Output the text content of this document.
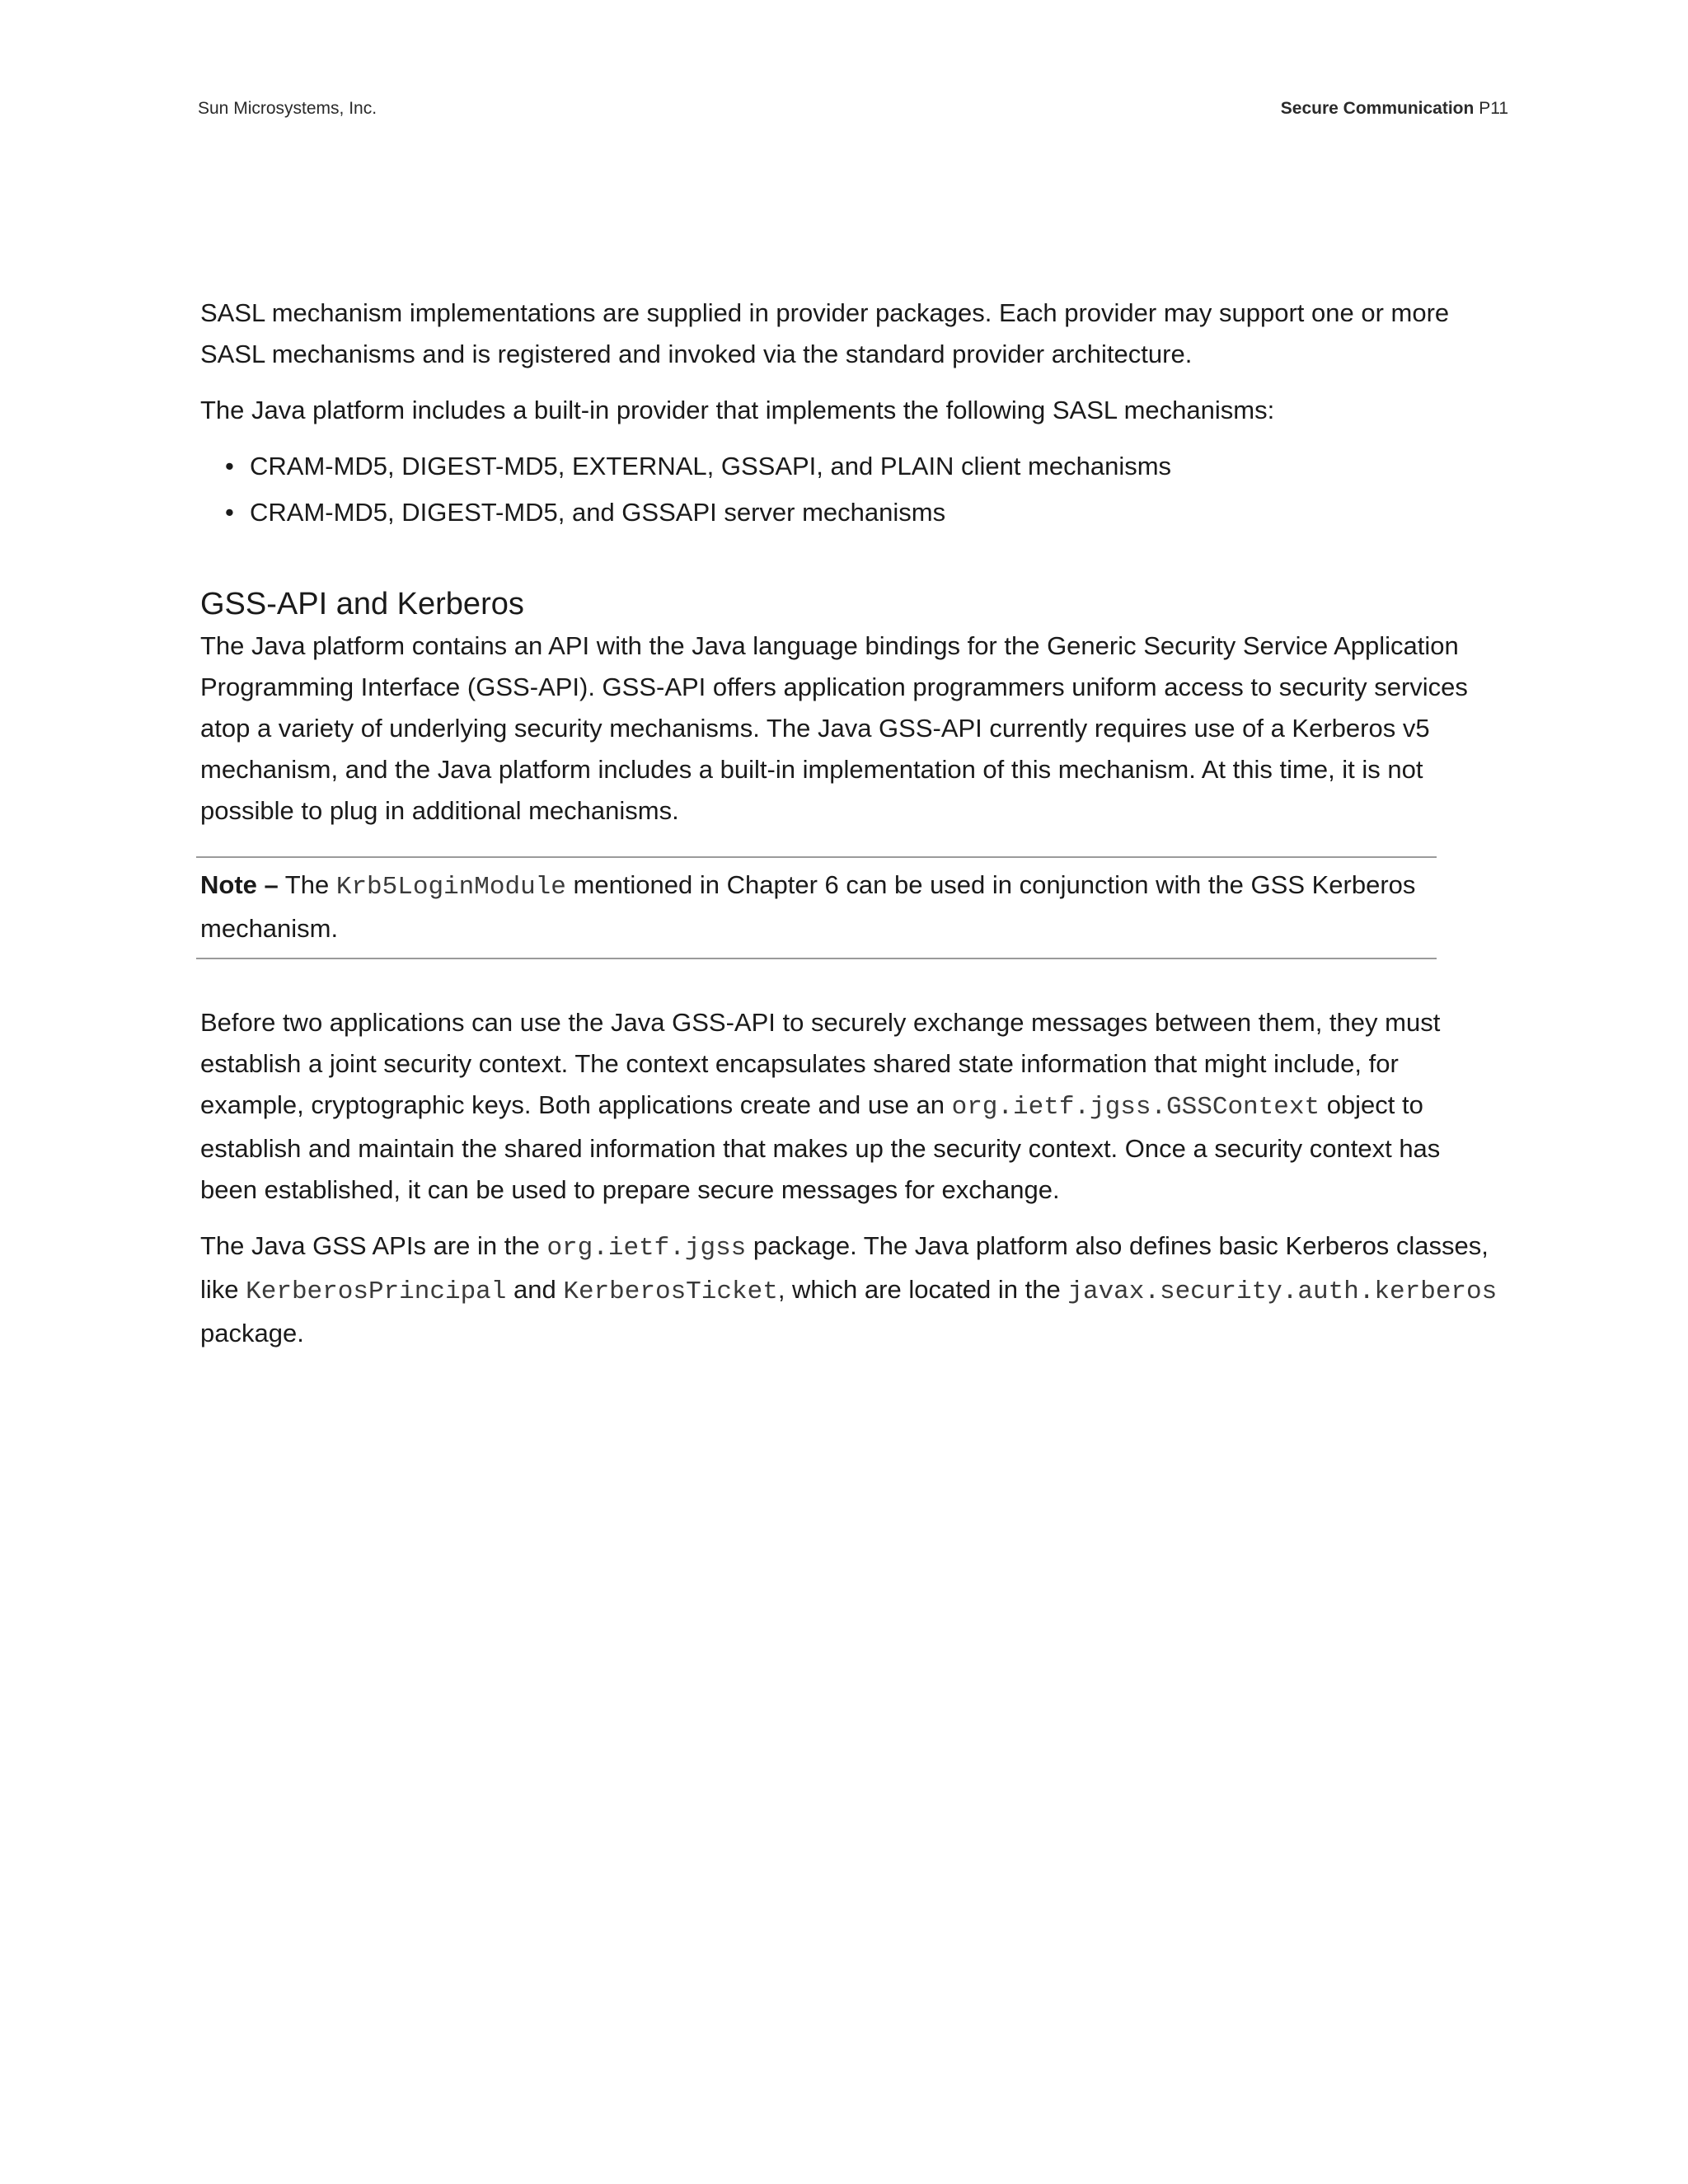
Sun Microsystems, Inc.	Secure Communication P11

SASL mechanism implementations are supplied in provider packages. Each provider may support one or more SASL mechanisms and is registered and invoked via the standard provider architecture.

The Java platform includes a built-in provider that implements the following SASL mechanisms:

• CRAM-MD5, DIGEST-MD5, EXTERNAL, GSSAPI, and PLAIN client mechanisms
• CRAM-MD5, DIGEST-MD5, and GSSAPI server mechanisms
GSS-API and Kerberos

The Java platform contains an API with the Java language bindings for the Generic Security Service Application Programming Interface (GSS-API). GSS-API offers application programmers uniform access to security services atop a variety of underlying security mechanisms. The Java GSS-API currently requires use of a Kerberos v5 mechanism, and the Java platform includes a built-in implementation of this mechanism. At this time, it is not possible to plug in additional mechanisms.

Note – The Krb5LoginModule mentioned in Chapter 6 can be used in conjunction with the GSS Kerberos mechanism.

Before two applications can use the Java GSS-API to securely exchange messages between them, they must establish a joint security context. The context encapsulates shared state information that might include, for example, cryptographic keys. Both applications create and use an org.ietf.jgss.GSSContext object to establish and maintain the shared information that makes up the security context. Once a security context has been established, it can be used to prepare secure messages for exchange.

The Java GSS APIs are in the org.ietf.jgss package. The Java platform also defines basic Kerberos classes, like KerberosPrincipal and KerberosTicket, which are located in the javax.security.auth.kerberos package.
